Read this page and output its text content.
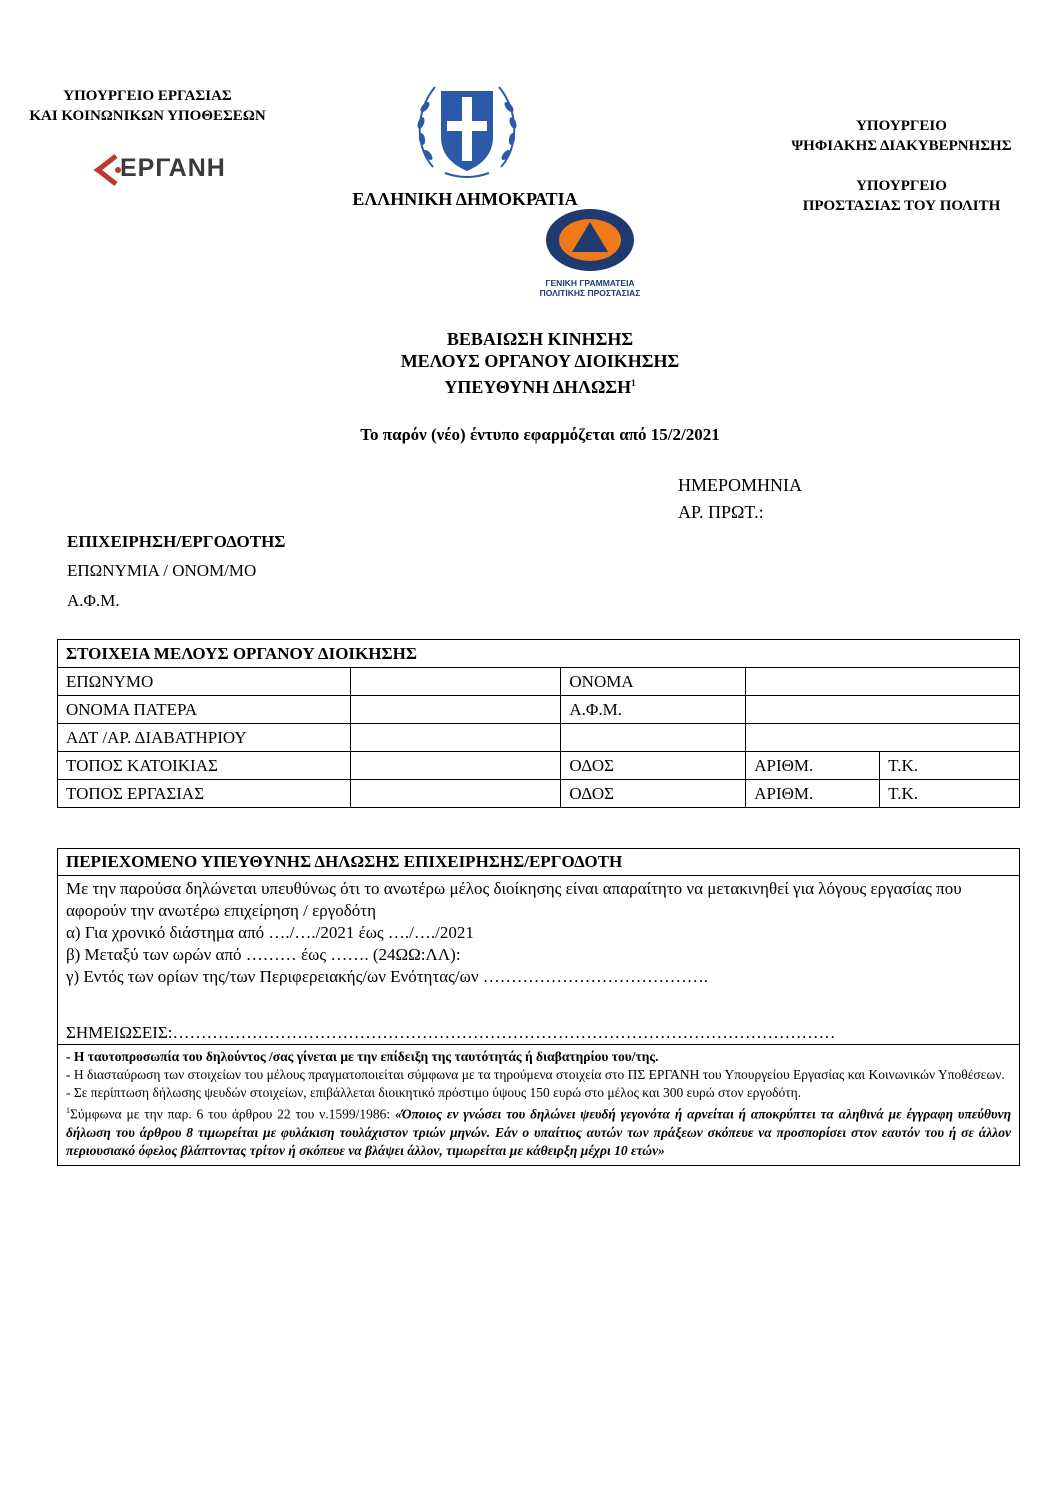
ΥΠΟΥΡΓΕΙΟ ΕΡΓΑΣΙΑΣ
ΚΑΙ ΚΟΙΝΩΝΙΚΩΝ ΥΠΟΘΕΣΕΩΝ
ΕΡΓΑΝΗ
ΕΛΛΗΝΙΚΗ ΔΗΜΟΚΡΑΤΙΑ
ΓΕΝΙΚΗ ΓΡΑΜΜΑΤΕΙΑ
ΠΟΛΙΤΙΚΗΣ ΠΡΟΣΤΑΣΙΑΣ
ΥΠΟΥΡΓΕΙΟ
ΨΗΦΙΑΚΗΣ ΔΙΑΚΥΒΕΡΝΗΣΗΣ
ΥΠΟΥΡΓΕΙΟ
ΠΡΟΣΤΑΣΙΑΣ ΤΟΥ ΠΟΛΙΤΗ
ΒΕΒΑΙΩΣΗ ΚΙΝΗΣΗΣ
ΜΕΛΟΥΣ ΟΡΓΑΝΟΥ ΔΙΟΙΚΗΣΗΣ
ΥΠΕΥΘΥΝΗ ΔΗΛΩΣΗ$^1$
Το παρόν (νέο) έντυπο εφαρμόζεται από 15/2/2021
ΗΜΕΡΟΜΗΝΙΑ
ΑΡ. ΠΡΩΤ.:
ΕΠΙΧΕΙΡΗΣΗ/ΕΡΓΟΔΟΤΗΣ
ΕΠΩΝΥΜΙΑ / ΟΝΟΜ/ΜΟ
Α.Φ.Μ.
ΣΤΟΙΧΕΙΑ ΜΕΛΟΥΣ ΟΡΓΑΝΟΥ ΔΙΟΙΚΗΣΗΣ				
ΕΠΩΝΥΜΟ		ΟΝΟΜΑ		
ΟΝΟΜΑ ΠΑΤΕΡΑ		Α.Φ.Μ.		
ΑΔΤ /ΑΡ. ΔΙΑΒΑΤΗΡΙΟΥ				
ΤΟΠΟΣ ΚΑΤΟΙΚΙΑΣ		ΟΔΟΣ	ΑΡΙΘΜ.	Τ.Κ.
ΤΟΠΟΣ ΕΡΓΑΣΙΑΣ		ΟΔΟΣ	ΑΡΙΘΜ.	Τ.Κ.
ΠΕΡΙΕΧΟΜΕΝΟ ΥΠΕΥΘΥΝΗΣ ΔΗΛΩΣΗΣ ΕΠΙΧΕΙΡΗΣΗΣ/ΕΡΓΟΔΟΤΗ
Με την παρούσα δηλώνεται υπευθύνως ότι το ανωτέρω μέλος διοίκησης είναι απαραίτητο να μετακινηθεί για λόγους εργασίας που αφορούν την ανωτέρω επιχείρηση / εργοδότη
α) Για χρονικό διάστημα από …./…./2021 έως …./…./2021
β) Μεταξύ των ωρών από ……… έως ……. (24ΩΩ:ΛΛ):
γ) Εντός των ορίων της/των Περιφερειακής/ων Ενότητας/ων ………………………………….
ΣΗΜΕΙΩΣΕΙΣ:………………………………………………………………………………………………………

- Η ταυτοπροσωπία του δηλούντος /σας γίνεται με την επίδειξη της ταυτότητάς ή διαβατηρίου του/της.

- Η διασταύρωση των στοιχείων του μέλους πραγματοποιείται σύμφωνα με τα τηρούμενα στοιχεία στο ΠΣ ΕΡΓΑΝΗ του Υπουργείου Εργασίας και Κοινωνικών Υποθέσεων.

- Σε περίπτωση δήλωσης ψευδών στοιχείων, επιβάλλεται διοικητικό πρόστιμο ύψους 150 ευρώ στο μέλος και 300 ευρώ στον εργοδότη.

$^1$Σύμφωνα με την παρ. 6 του άρθρου 22 του ν.1599/1986: «Όποιος εν γνώσει του δηλώνει ψευδή γεγονότα ή αρνείται ή αποκρύπτει τα αληθινά με έγγραφη υπεύθυνη δήλωση του άρθρου 8 τιμωρείται με φυλάκιση τουλάχιστον τριών μηνών. Εάν ο υπαίτιος αυτών των πράξεων σκόπευε να προσπορίσει στον εαυτόν του ή σε άλλον περιουσιακό όφελος βλάπτοντας τρίτον ή σκόπευε να βλάψει άλλον, τιμωρείται με κάθειρξη μέχρι 10 ετών»
